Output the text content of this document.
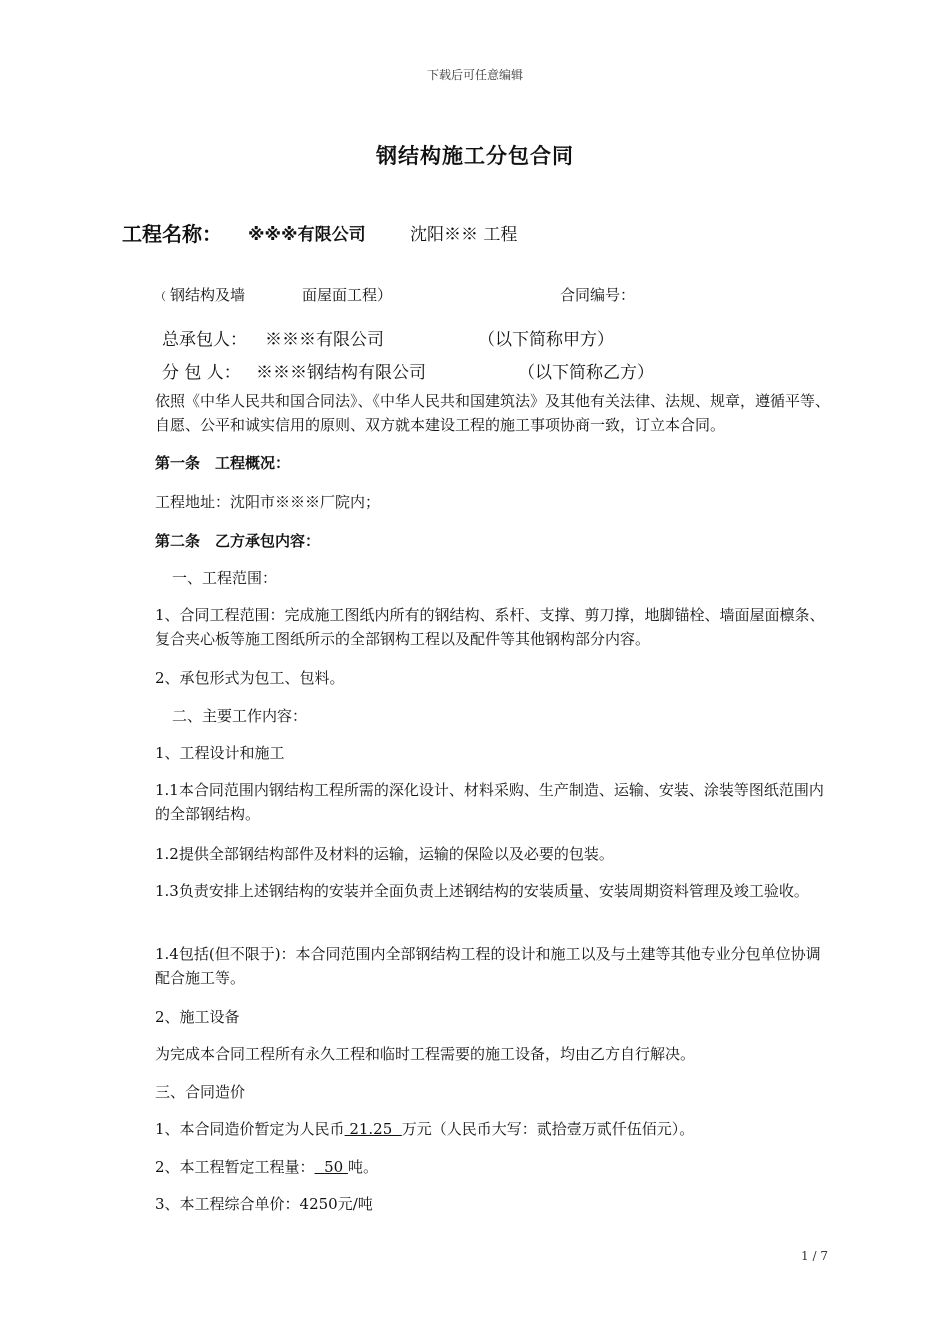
下载后可任意编辑
钢结构施工分包合同
工程名称： ※※※有限公司	沈阳※※ 工程
（ 钢结构及墙	面屋面工程）	合同编号：
总承包人： ※※※有限公司	（以下简称甲方）
分 包 人： ※※※钢结构有限公司	（以下简称乙方）
依照《中华人民共和国合同法》、《中华人民共和国建筑法》及其他有关法律、法规、规章，遵循平等、自愿、公平和诚实信用的原则、双方就本建设工程的施工事项协商一致，订立本合同。
第一条　工程概况：
工程地址：沈阳市※※※厂院内；
第二条　乙方承包内容：
一、工程范围：
1、合同工程范围：完成施工图纸内所有的钢结构、系杆、支撑、剪刀撑，地脚锚栓、墙面屋面檩条、复合夹心板等施工图纸所示的全部钢构工程以及配件等其他钢构部分内容。
2、承包形式为包工、包料。
二、主要工作内容：
1、工程设计和施工
1.1本合同范围内钢结构工程所需的深化设计、材料采购、生产制造、运输、安装、涂装等图纸范围内的全部钢结构。
1.2提供全部钢结构部件及材料的运输，运输的保险以及必要的包装。
1.3负责安排上述钢结构的安装并全面负责上述钢结构的安装质量、安装周期资料管理及竣工验收。
1.4包括(但不限于)：本合同范围内全部钢结构工程的设计和施工以及与土建等其他专业分包单位协调配合施工等。
2、施工设备
为完成本合同工程所有永久工程和临时工程需要的施工设备，均由乙方自行解决。
三、合同造价
1、本合同造价暂定为人民币 21.25  万元（人民币大写：贰拾壹万贰仟伍佰元）。
2、本工程暂定工程量：  50 吨。
3、本工程综合单价：4250元/吨
1 / 7
